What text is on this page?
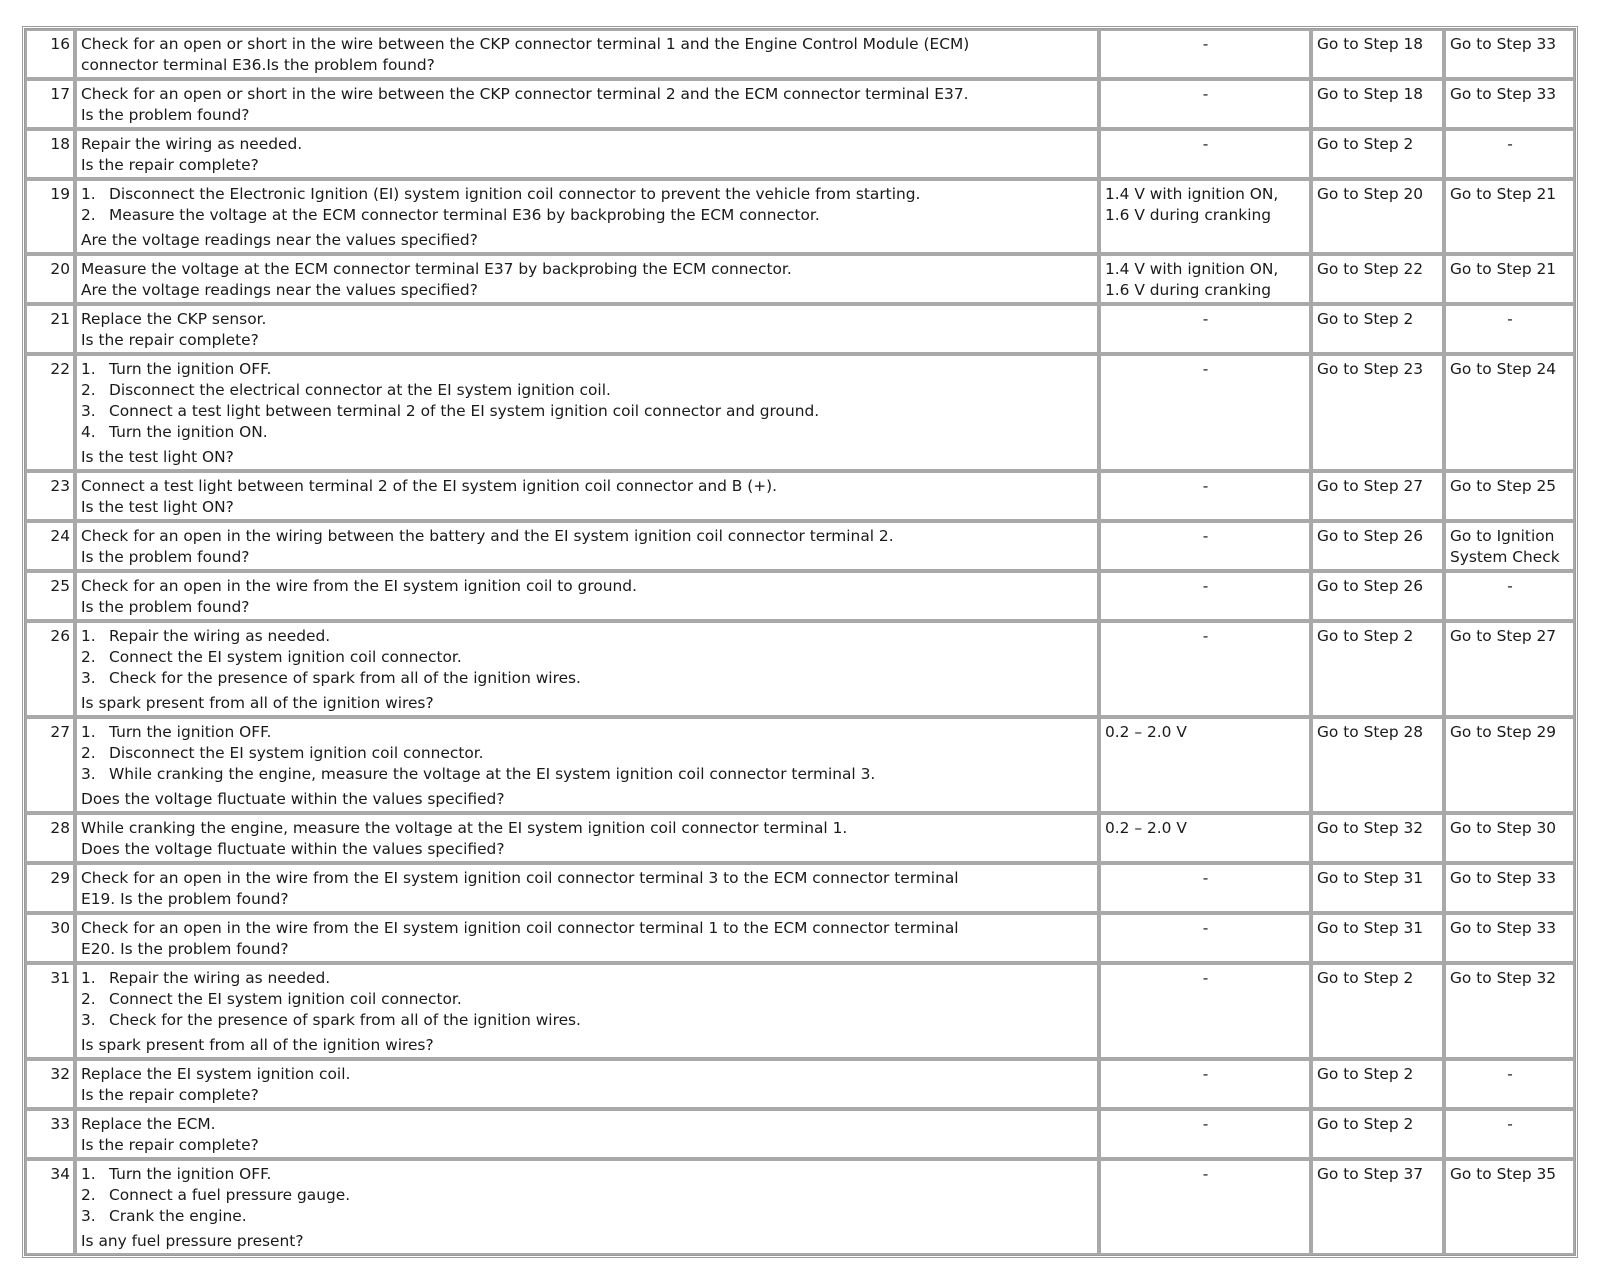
16	Check for an open or short in the wire between the CKP connector terminal 1 and the Engine Control Module (ECM)
connector terminal E36.Is the problem found?	-	Go to Step 18	Go to Step 33
17	Check for an open or short in the wire between the CKP connector terminal 2 and the ECM connector terminal E37.
Is the problem found?	-	Go to Step 18	Go to Step 33
18	Repair the wiring as needed.
Is the repair complete?	-	Go to Step 2	-
19	1. Disconnect the Electronic Ignition (EI) system ignition coil connector to prevent the vehicle from starting.
2. Measure the voltage at the ECM connector terminal E36 by backprobing the ECM connector.
Are the voltage readings near the values specified?	1.4 V with ignition ON, 1.6 V during cranking	Go to Step 20	Go to Step 21
20	Measure the voltage at the ECM connector terminal E37 by backprobing the ECM connector.
Are the voltage readings near the values specified?	1.4 V with ignition ON, 1.6 V during cranking	Go to Step 22	Go to Step 21
21	Replace the CKP sensor.
Is the repair complete?	-	Go to Step 2	-
22	1. Turn the ignition OFF.
2. Disconnect the electrical connector at the EI system ignition coil.
3. Connect a test light between terminal 2 of the EI system ignition coil connector and ground.
4. Turn the ignition ON.
Is the test light ON?	-	Go to Step 23	Go to Step 24
23	Connect a test light between terminal 2 of the EI system ignition coil connector and B (+).
Is the test light ON?	-	Go to Step 27	Go to Step 25
24	Check for an open in the wiring between the battery and the EI system ignition coil connector terminal 2.
Is the problem found?	-	Go to Step 26	Go to Ignition System Check
25	Check for an open in the wire from the EI system ignition coil to ground.
Is the problem found?	-	Go to Step 26	-
26	1. Repair the wiring as needed.
2. Connect the EI system ignition coil connector.
3. Check for the presence of spark from all of the ignition wires.
Is spark present from all of the ignition wires?	-	Go to Step 2	Go to Step 27
27	1. Turn the ignition OFF.
2. Disconnect the EI system ignition coil connector.
3. While cranking the engine, measure the voltage at the EI system ignition coil connector terminal 3.
Does the voltage fluctuate within the values specified?	0.2 – 2.0 V	Go to Step 28	Go to Step 29
28	While cranking the engine, measure the voltage at the EI system ignition coil connector terminal 1.
Does the voltage fluctuate within the values specified?	0.2 – 2.0 V	Go to Step 32	Go to Step 30
29	Check for an open in the wire from the EI system ignition coil connector terminal 3 to the ECM connector terminal
E19. Is the problem found?	-	Go to Step 31	Go to Step 33
30	Check for an open in the wire from the EI system ignition coil connector terminal 1 to the ECM connector terminal
E20. Is the problem found?	-	Go to Step 31	Go to Step 33
31	1. Repair the wiring as needed.
2. Connect the EI system ignition coil connector.
3. Check for the presence of spark from all of the ignition wires.
Is spark present from all of the ignition wires?	-	Go to Step 2	Go to Step 32
32	Replace the EI system ignition coil.
Is the repair complete?	-	Go to Step 2	-
33	Replace the ECM.
Is the repair complete?	-	Go to Step 2	-
34	1. Turn the ignition OFF.
2. Connect a fuel pressure gauge.
3. Crank the engine.
Is any fuel pressure present?	-	Go to Step 37	Go to Step 35
